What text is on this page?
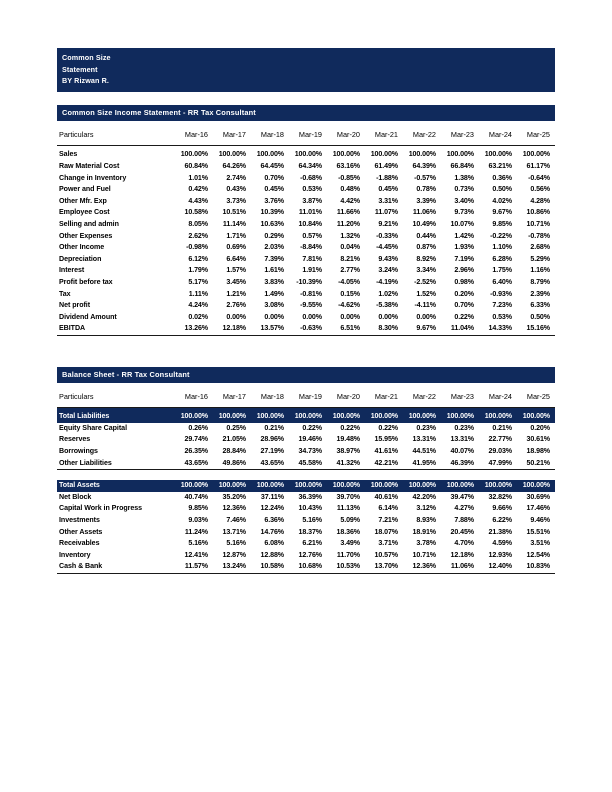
Common Size
Statement
BY Rizwan R.
Common Size Income Statement - RR Tax Consultant
Particulars	Mar-16	Mar-17	Mar-18	Mar-19	Mar-20	Mar-21	Mar-22	Mar-23	Mar-24	Mar-25

Sales	100.00%	100.00%	100.00%	100.00%	100.00%	100.00%	100.00%	100.00%	100.00%	100.00%
Raw Material Cost	60.84%	64.26%	64.45%	64.34%	63.16%	61.49%	64.39%	66.84%	63.21%	61.17%
Change in Inventory	1.01%	2.74%	0.70%	-0.68%	-0.85%	-1.88%	-0.57%	1.38%	0.36%	-0.64%
Power and Fuel	0.42%	0.43%	0.45%	0.53%	0.48%	0.45%	0.78%	0.73%	0.50%	0.56%
Other Mfr. Exp	4.43%	3.73%	3.76%	3.87%	4.42%	3.31%	3.39%	3.40%	4.02%	4.28%
Employee Cost	10.58%	10.51%	10.39%	11.01%	11.66%	11.07%	11.06%	9.73%	9.67%	10.86%
Selling and admin	8.05%	11.14%	10.63%	10.84%	11.20%	9.21%	10.49%	10.07%	9.85%	10.71%
Other Expenses	2.62%	1.71%	0.29%	0.57%	1.32%	-0.33%	0.44%	1.42%	-0.22%	-0.78%
Other Income	-0.98%	0.69%	2.03%	-8.84%	0.04%	-4.45%	0.87%	1.93%	1.10%	2.68%
Depreciation	6.12%	6.64%	7.39%	7.81%	8.21%	9.43%	8.92%	7.19%	6.28%	5.29%
Interest	1.79%	1.57%	1.61%	1.91%	2.77%	3.24%	3.34%	2.96%	1.75%	1.16%
Profit before tax	5.17%	3.45%	3.83%	-10.39%	-4.05%	-4.19%	-2.52%	0.98%	6.40%	8.79%
Tax	1.11%	1.21%	1.49%	-0.81%	0.15%	1.02%	1.52%	0.20%	-0.93%	2.39%
Net profit	4.24%	2.76%	3.08%	-9.55%	-4.62%	-5.38%	-4.11%	0.70%	7.23%	6.33%
Dividend Amount	0.02%	0.00%	0.00%	0.00%	0.00%	0.00%	0.00%	0.22%	0.53%	0.50%
EBITDA	13.26%	12.18%	13.57%	-0.63%	6.51%	8.30%	9.67%	11.04%	14.33%	15.16%

Balance Sheet - RR Tax Consultant
Particulars	Mar-16	Mar-17	Mar-18	Mar-19	Mar-20	Mar-21	Mar-22	Mar-23	Mar-24	Mar-25

Total Liabilities	100.00%	100.00%	100.00%	100.00%	100.00%	100.00%	100.00%	100.00%	100.00%	100.00%
Equity Share Capital	0.26%	0.25%	0.21%	0.22%	0.22%	0.22%	0.23%	0.23%	0.21%	0.20%
Reserves	29.74%	21.05%	28.96%	19.46%	19.48%	15.95%	13.31%	13.31%	22.77%	30.61%
Borrowings	26.35%	28.84%	27.19%	34.73%	38.97%	41.61%	44.51%	40.07%	29.03%	18.98%
Other Liabilities	43.65%	49.86%	43.65%	45.58%	41.32%	42.21%	41.95%	46.39%	47.99%	50.21%

Total Assets	100.00%	100.00%	100.00%	100.00%	100.00%	100.00%	100.00%	100.00%	100.00%	100.00%
Net Block	40.74%	35.20%	37.11%	36.39%	39.70%	40.61%	42.20%	39.47%	32.82%	30.69%
Capital Work in Progress	9.85%	12.36%	12.24%	10.43%	11.13%	6.14%	3.12%	4.27%	9.66%	17.46%
Investments	9.03%	7.46%	6.36%	5.16%	5.09%	7.21%	8.93%	7.88%	6.22%	9.46%
Other Assets	11.24%	13.71%	14.76%	18.37%	18.36%	18.07%	18.91%	20.45%	21.38%	15.51%
Receivables	5.16%	5.16%	6.08%	6.21%	3.49%	3.71%	3.78%	4.70%	4.59%	3.51%
Inventory	12.41%	12.87%	12.88%	12.76%	11.70%	10.57%	10.71%	12.18%	12.93%	12.54%
Cash & Bank	11.57%	13.24%	10.58%	10.68%	10.53%	13.70%	12.36%	11.06%	12.40%	10.83%
